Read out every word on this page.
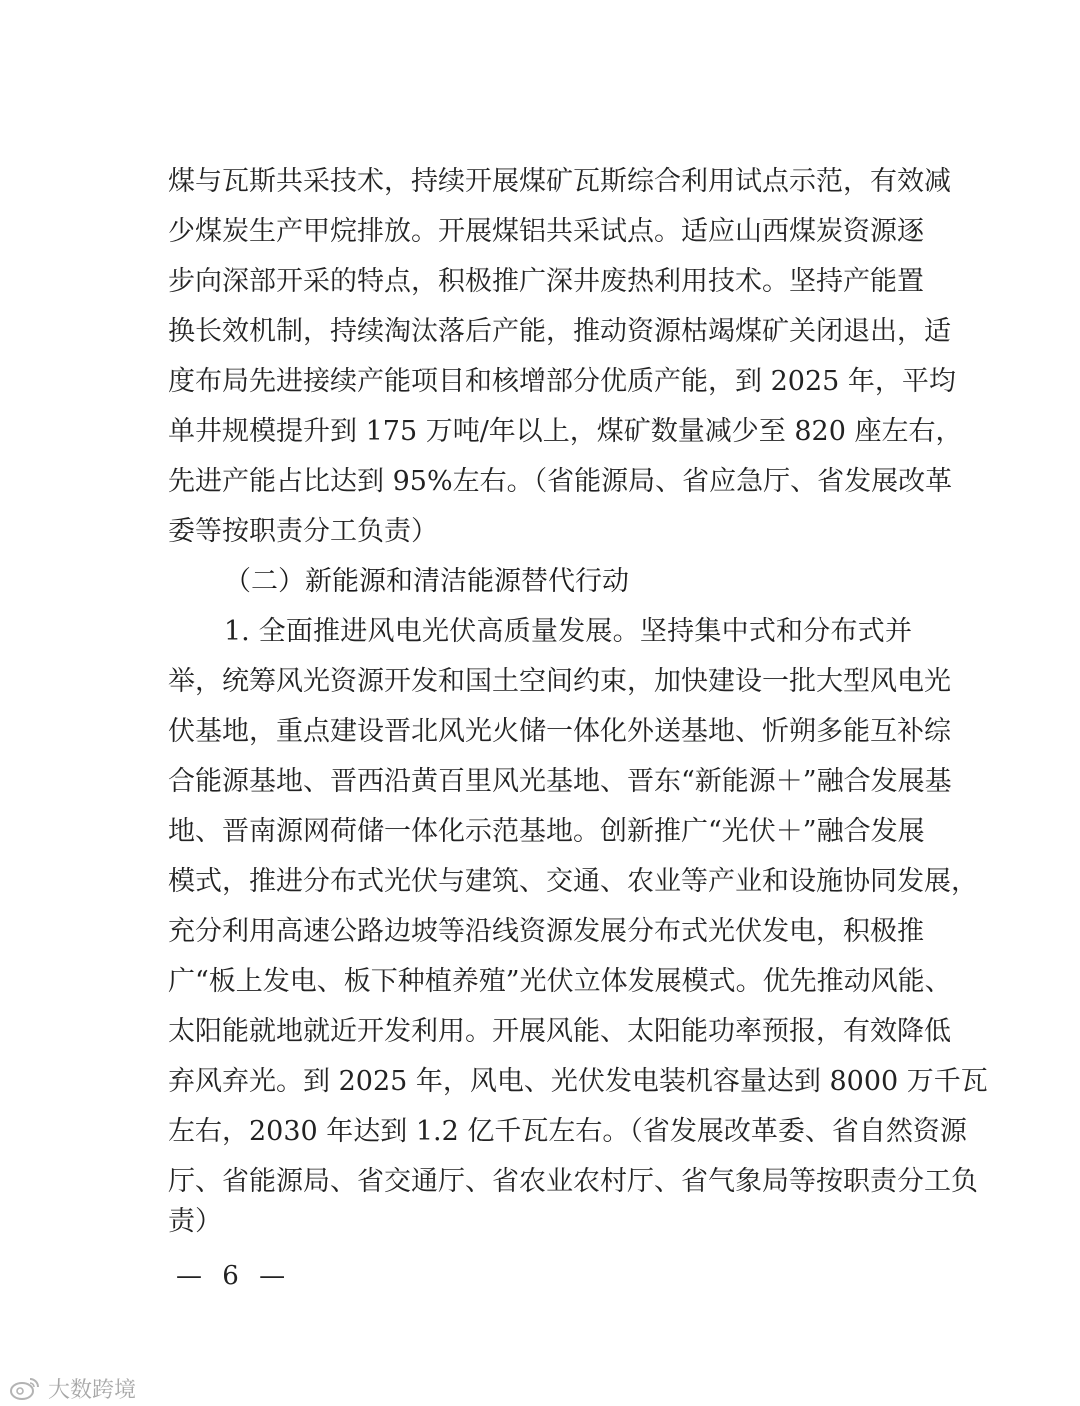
煤与瓦斯共采技术，持续开展煤矿瓦斯综合利用试点示范，有效减
少煤炭生产甲烷排放。开展煤铝共采试点。适应山西煤炭资源逐
步向深部开采的特点，积极推广深井废热利用技术。坚持产能置
换长效机制，持续淘汰落后产能，推动资源枯竭煤矿关闭退出，适
度布局先进接续产能项目和核增部分优质产能，到 2025 年，平均
单井规模提升到 175 万吨/年以上，煤矿数量减少至 820 座左右，
先进产能占比达到 95%左右。（省能源局、省应急厅、省发展改革
委等按职责分工负责）
（二）新能源和清洁能源替代行动
1. 全面推进风电光伏高质量发展。坚持集中式和分布式并
举，统筹风光资源开发和国土空间约束，加快建设一批大型风电光
伏基地，重点建设晋北风光火储一体化外送基地、忻朔多能互补综
合能源基地、晋西沿黄百里风光基地、晋东“新能源＋”融合发展基
地、晋南源网荷储一体化示范基地。创新推广“光伏＋”融合发展
模式，推进分布式光伏与建筑、交通、农业等产业和设施协同发展，
充分利用高速公路边坡等沿线资源发展分布式光伏发电，积极推
广“板上发电、板下种植养殖”光伏立体发展模式。优先推动风能、
太阳能就地就近开发利用。开展风能、太阳能功率预报，有效降低
弃风弃光。到 2025 年，风电、光伏发电装机容量达到 8000 万千瓦
左右，2030 年达到 1.2 亿千瓦左右。（省发展改革委、省自然资源
厅、省能源局、省交通厅、省农业农村厅、省气象局等按职责分工负
责）
— 6 —
大数跨境
